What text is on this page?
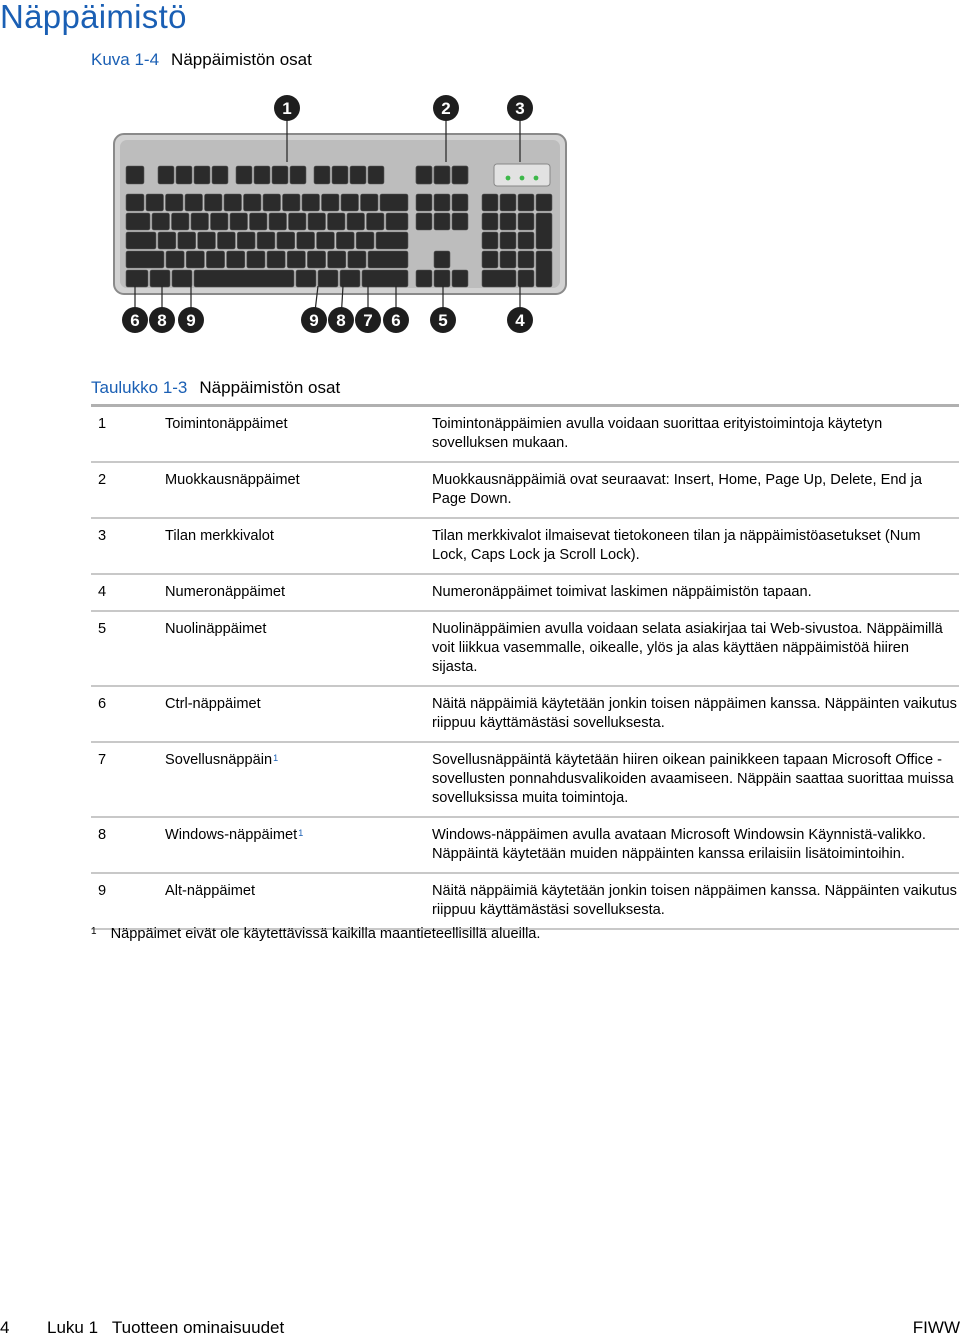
Näppäimistö
Kuva 1-4 Näppäimistön osat
1	2	3
6 8 9	9 8 7 6 5	4
Taulukko 1-3 Näppäimistön osat
1	Toimintonäppäimet	Toimintonäppäimien avulla voidaan suorittaa erityistoimintoja käytetyn sovelluksen mukaan.
2	Muokkausnäppäimet	Muokkausnäppäimiä ovat seuraavat: Insert, Home, Page Up, Delete, End ja Page Down.
3	Tilan merkkivalot	Tilan merkkivalot ilmaisevat tietokoneen tilan ja näppäimistöasetukset (Num Lock, Caps Lock ja Scroll Lock).
4	Numeronäppäimet	Numeronäppäimet toimivat laskimen näppäimistön tapaan.
5	Nuolinäppäimet	Nuolinäppäimien avulla voidaan selata asiakirjaa tai Web-sivustoa. Näppäimillä voit liikkua vasemmalle, oikealle, ylös ja alas käyttäen näppäimistöä hiiren sijasta.
6	Ctrl-näppäimet	Näitä näppäimiä käytetään jonkin toisen näppäimen kanssa. Näppäinten vaikutus riippuu käyttämästäsi sovelluksesta.
7	Sovellusnäppäin$^1$	Sovellusnäppäintä käytetään hiiren oikean painikkeen tapaan Microsoft Office -sovellusten ponnahdusvalikoiden avaamiseen. Näppäin saattaa suorittaa muissa sovelluksissa muita toimintoja.
8	Windows-näppäimet$^1$	Windows-näppäimen avulla avataan Microsoft Windowsin Käynnistä-valikko. Näppäintä käytetään muiden näppäinten kanssa erilaisiin lisätoimintoihin.
9	Alt-näppäimet	Näitä näppäimiä käytetään jonkin toisen näppäimen kanssa. Näppäinten vaikutus riippuu käyttämästäsi sovelluksesta.
$^1$ Näppäimet eivät ole käytettävissä kaikilla maantieteellisillä alueilla.
4 Luku 1   Tuotteen ominaisuudet	FIWW
